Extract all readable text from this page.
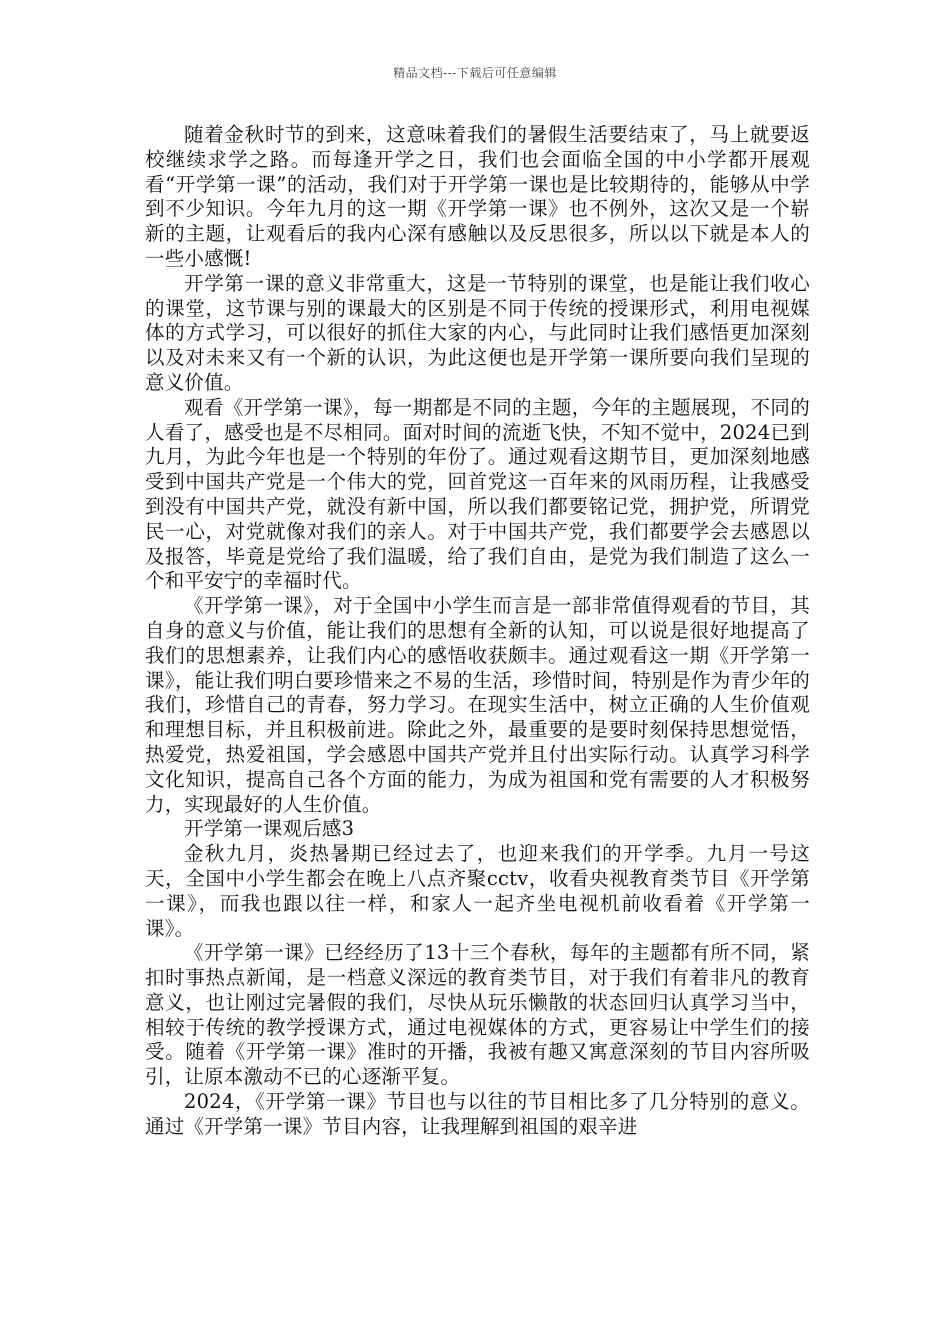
精品文档---下载后可任意编辑

随着金秋时节的到来，这意味着我们的暑假生活要结束了，马上就要返校继续求学之路。而每逢开学之日，我们也会面临全国的中小学都开展观看“开学第一课”的活动，我们对于开学第一课也是比较期待的，能够从中学到不少知识。今年九月的这一期《开学第一课》也不例外，这次又是一个崭新的主题，让观看后的我内心深有感触以及反思很多，所以以下就是本人的一些小感慨!

开学第一课的意义非常重大，这是一节特别的课堂，也是能让我们收心的课堂，这节课与别的课最大的区别是不同于传统的授课形式，利用电视媒体的方式学习，可以很好的抓住大家的内心，与此同时让我们感悟更加深刻以及对未来又有一个新的认识，为此这便也是开学第一课所要向我们呈现的意义价值。

观看《开学第一课》，每一期都是不同的主题，今年的主题展现，不同的人看了，感受也是不尽相同。面对时间的流逝飞快，不知不觉中，2024已到九月，为此今年也是一个特别的年份了。通过观看这期节目，更加深刻地感受到中国共产党是一个伟大的党，回首党这一百年来的风雨历程，让我感受到没有中国共产党，就没有新中国，所以我们都要铭记党，拥护党，所谓党民一心，对党就像对我们的亲人。对于中国共产党，我们都要学会去感恩以及报答，毕竟是党给了我们温暖，给了我们自由，是党为我们制造了这么一个和平安宁的幸福时代。

《开学第一课》，对于全国中小学生而言是一部非常值得观看的节目，其自身的意义与价值，能让我们的思想有全新的认知，可以说是很好地提高了我们的思想素养，让我们内心的感悟收获颇丰。通过观看这一期《开学第一课》，能让我们明白要珍惜来之不易的生活，珍惜时间，特别是作为青少年的我们，珍惜自己的青春，努力学习。在现实生活中，树立正确的人生价值观和理想目标，并且积极前进。除此之外，最重要的是要时刻保持思想觉悟，热爱党，热爱祖国，学会感恩中国共产党并且付出实际行动。认真学习科学文化知识，提高自己各个方面的能力，为成为祖国和党有需要的人才积极努力，实现最好的人生价值。

开学第一课观后感3

金秋九月，炎热暑期已经过去了，也迎来我们的开学季。九月一号这天，全国中小学生都会在晚上八点齐聚cctv，收看央视教育类节目《开学第一课》，而我也跟以往一样，和家人一起齐坐电视机前收看着《开学第一课》。

《开学第一课》已经经历了13十三个春秋，每年的主题都有所不同，紧扣时事热点新闻，是一档意义深远的教育类节目，对于我们有着非凡的教育意义，也让刚过完暑假的我们，尽快从玩乐懒散的状态回归认真学习当中，相较于传统的教学授课方式，通过电视媒体的方式，更容易让中学生们的接受。随着《开学第一课》准时的开播，我被有趣又寓意深刻的节目内容所吸引，让原本激动不已的心逐渐平复。

2024，《开学第一课》节目也与以往的节目相比多了几分特别的意义。通过《开学第一课》节目内容，让我理解到祖国的艰辛进
